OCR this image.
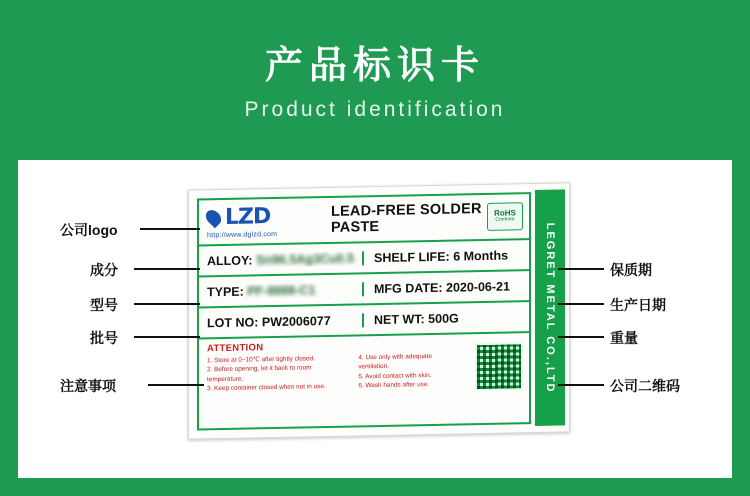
产品标识卡
Product identification
LEGRET METAL CO.,LTD
LZD
http://www.dglzd.com
LEAD-FREE SOLDER PASTE
RoHS
Conform
ALLOY: Sn96.5Ag3Cu0.5	SHELF LIFE: 6 Months
TYPE: PF-8888-C1	MFG DATE: 2020-06-21
LOT NO: PW2006077	NET WT: 500G
ATTENTION
1. Store at 0~10℃ after tightly closed.
2. Before opening, let it back to room
temperature.
3. Keep container closed when not in use.
4. Use only with adequate
ventilation.
5. Avoid contact with skin.
6. Wash hands after use.
公司logo
成分
型号
批号
注意事项
保质期
生产日期
重量
公司二维码
